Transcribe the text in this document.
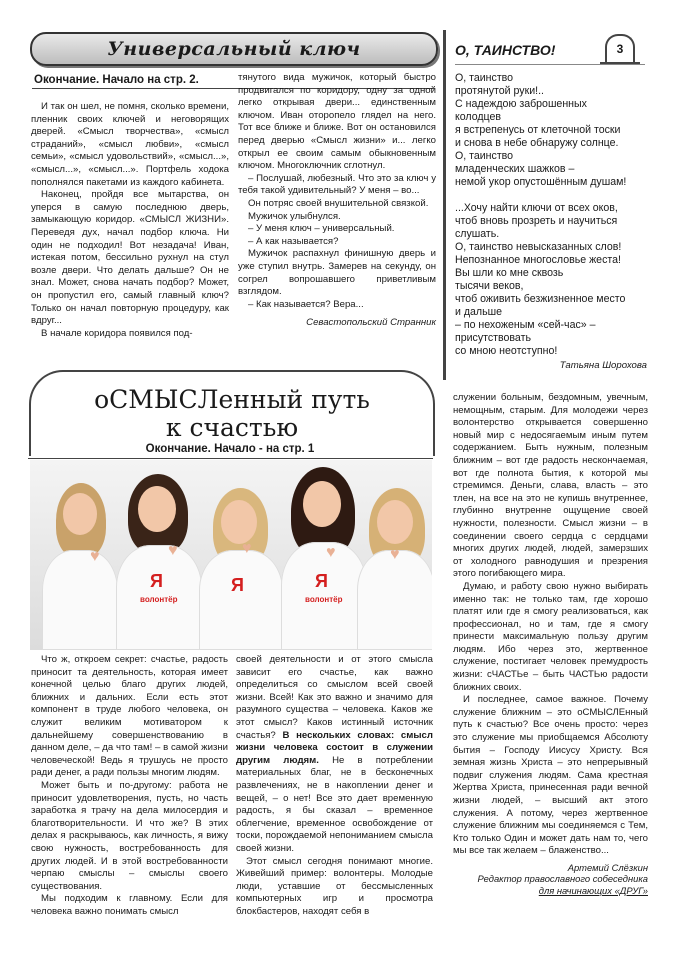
Универсальный ключ
Окончание. Начало на стр. 2.

И так он шел, не помня, сколько времени, пленник своих ключей и неговорящих дверей. «Смысл творчества», «смысл страданий», «смысл любви», «смысл семьи», «смысл удовольствий», «смысл...», «смысл...», «смысл...». Портфель ходока пополнялся пакетами из каждого кабинета.

Наконец, пройдя все мытарства, он уперся в самую последнюю дверь, замыкающую коридор. «СМЫСЛ ЖИЗНИ». Переведя дух, начал подбор ключа. Ни один не подходил! Вот незадача! Иван, истекая потом, бессильно рухнул на стул возле двери. Что делать дальше? Он не знал. Может, снова начать подбор? Может, он пропустил его, самый главный ключ? Только он начал повторную процедуру, как вдруг...

В начале коридора появился под-

тянутого вида мужичок, который быстро продвигался по коридору, одну за одной легко открывая двери... единственным ключом. Иван оторопело глядел на него. Тот все ближе и ближе. Вот он остановился перед дверью «Смысл жизни» и... легко открыл ее своим самым обыкновенным ключом. Многоключник сглотнул.

– Послушай, любезный. Что это за ключ у тебя такой удивительный? У меня – во...

Он потряс своей внушительной связкой.

Мужичок улыбнулся.

– У меня ключ – универсальный.

– А как называется?

Мужичок распахнул финишную дверь и уже ступил внутрь. Замерев на секунду, он согрел вопрошавшего приветливым взглядом.

– Как называется? Вера...

Севастопольский Странник

О, ТАИНСТВО!	3
О, таинство
протянутой руки!..
С надеждою заброшенных
колодцев
я встрепенусь от клеточной тоски
и снова в небе обнаружу солнце.
О, таинство
младенческих шажков –
немой укор опустошённым душам!
...Хочу найти ключи от всех оков,
чтоб вновь прозреть и научиться
слушать.
О, таинство невысказанных слов!
Непознанное многословье жеста!
Вы шли ко мне сквозь
тысячи веков,
чтоб оживить безжизненное место
и дальше
– по нехоженым «сей-час» –
присутствовать
со мною неотступно!
Татьяна Шорохова
оСМЫСЛенный путь
к счастью
Окончание. Начало - на стр. 1
Я
волонтёр
Я	Я
волонтёр
♥	♥	♥	♥	♥

Что ж, откроем секрет: счастье, радость приносит та деятельность, которая имеет конечной целью благо других людей, ближних и дальних. Если есть этот компонент в труде любого человека, он служит великим мотиватором к дальнейшему совершенствованию в данном деле, – да что там! – в самой жизни человеческой! Ведь я трушусь не просто ради денег, а ради пользы многим людям.

Может быть и по-другому: работа не приносит удовлетворения, пусть, но часть заработка я трачу на дела милосердия и благотворительности. И что же? В этих делах я раскрываюсь, как личность, я вижу свою нужность, востребованность для других людей. И в этой востребованности черпаю смыслы – смыслы своего существования.

Мы подходим к главному. Если для человека важно понимать смысл

своей деятельности и от этого смысла зависит его счастье, как важно определиться со смыслом всей своей жизни. Всей! Как это важно и значимо для разумного существа – человека. Каков же этот смысл? Каков истинный источник счастья? В нескольких словах: смысл жизни человека состоит в служении другим людям. Не в потреблении материальных благ, не в бесконечных развлечениях, не в накоплении денег и вещей, – о нет! Все это дает временную радость, я бы сказал – временное облегчение, временное освобождение от тоски, порождаемой непониманием смысла своей жизни.

Этот смысл сегодня понимают многие. Живейший пример: волонтеры. Молодые люди, уставшие от бессмысленных компьютерных игр и просмотра блокбастеров, находят себя в

служении больным, бездомным, увечным, немощным, старым. Для молодежи через волонтерство открывается совершенно новый мир с недосягаемым иным путем содержанием. Быть нужным, полезным ближним – вот где радость нескончаемая, вот где полнота бытия, к которой мы стремимся. Деньги, слава, власть – это тлен, на все на это не купишь внутреннее, глубинно внутренне ощущение своей нужности, полезности. Смысл жизни – в соединении своего сердца с сердцами многих других людей, людей, замерзших от холодного равнодушия и презрения этого погибающего мира.

Думаю, и работу свою нужно выбирать именно так: не только там, где хорошо платят или где я смогу реализоваться, как профессионал, но и там, где я смогу принести максимальную пользу другим людям. Ибо через это, жертвенное служение, постигает человек премудрость жизни: сЧАСТЬе – быть ЧАСТЬю радости ближних своих.

И последнее, самое важное. Почему служение ближним – это оСМЫСЛЕнный путь к счастью? Все очень просто: через это служение мы приобщаемся Абсолюту бытия – Господу Иисусу Христу. Вся земная жизнь Христа – это непрерывный подвиг служения людям. Сама крестная Жертва Христа, принесенная ради вечной жизни людей, – высший акт этого служения. А потому, через жертвенное служение ближним мы соединяемся с Тем, Кто только Один и может дать нам то, чего мы все так желаем – блаженство...

Артемий Слёзкин
Редактор православного собеседника
для начинающих «ДРУГ»
